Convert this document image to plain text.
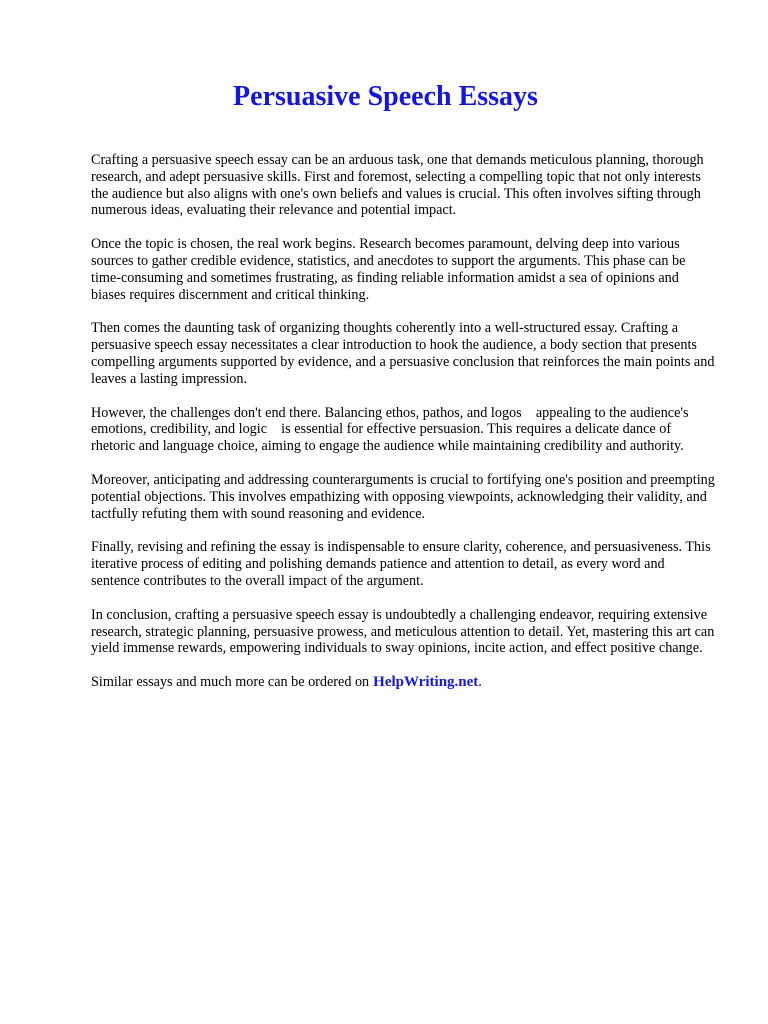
Persuasive Speech Essays

Crafting a persuasive speech essay can be an arduous task, one that demands meticulous planning, thorough research, and adept persuasive skills. First and foremost, selecting a compelling topic that not only interests the audience but also aligns with one's own beliefs and values is crucial. This often involves sifting through numerous ideas, evaluating their relevance and potential impact.

Once the topic is chosen, the real work begins. Research becomes paramount, delving deep into various sources to gather credible evidence, statistics, and anecdotes to support the arguments. This phase can be time-consuming and sometimes frustrating, as finding reliable information amidst a sea of opinions and biases requires discernment and critical thinking.

Then comes the daunting task of organizing thoughts coherently into a well-structured essay. Crafting a persuasive speech essay necessitates a clear introduction to hook the audience, a body section that presents compelling arguments supported by evidence, and a persuasive conclusion that reinforces the main points and leaves a lasting impression.

However, the challenges don't end there. Balancing ethos, pathos, and logos    appealing to the audience's emotions, credibility, and logic    is essential for effective persuasion. This requires a delicate dance of rhetoric and language choice, aiming to engage the audience while maintaining credibility and authority.

Moreover, anticipating and addressing counterarguments is crucial to fortifying one's position and preempting potential objections. This involves empathizing with opposing viewpoints, acknowledging their validity, and tactfully refuting them with sound reasoning and evidence.

Finally, revising and refining the essay is indispensable to ensure clarity, coherence, and persuasiveness. This iterative process of editing and polishing demands patience and attention to detail, as every word and sentence contributes to the overall impact of the argument.

In conclusion, crafting a persuasive speech essay is undoubtedly a challenging endeavor, requiring extensive research, strategic planning, persuasive prowess, and meticulous attention to detail. Yet, mastering this art can yield immense rewards, empowering individuals to sway opinions, incite action, and effect positive change.

Similar essays and much more can be ordered on HelpWriting.net.
